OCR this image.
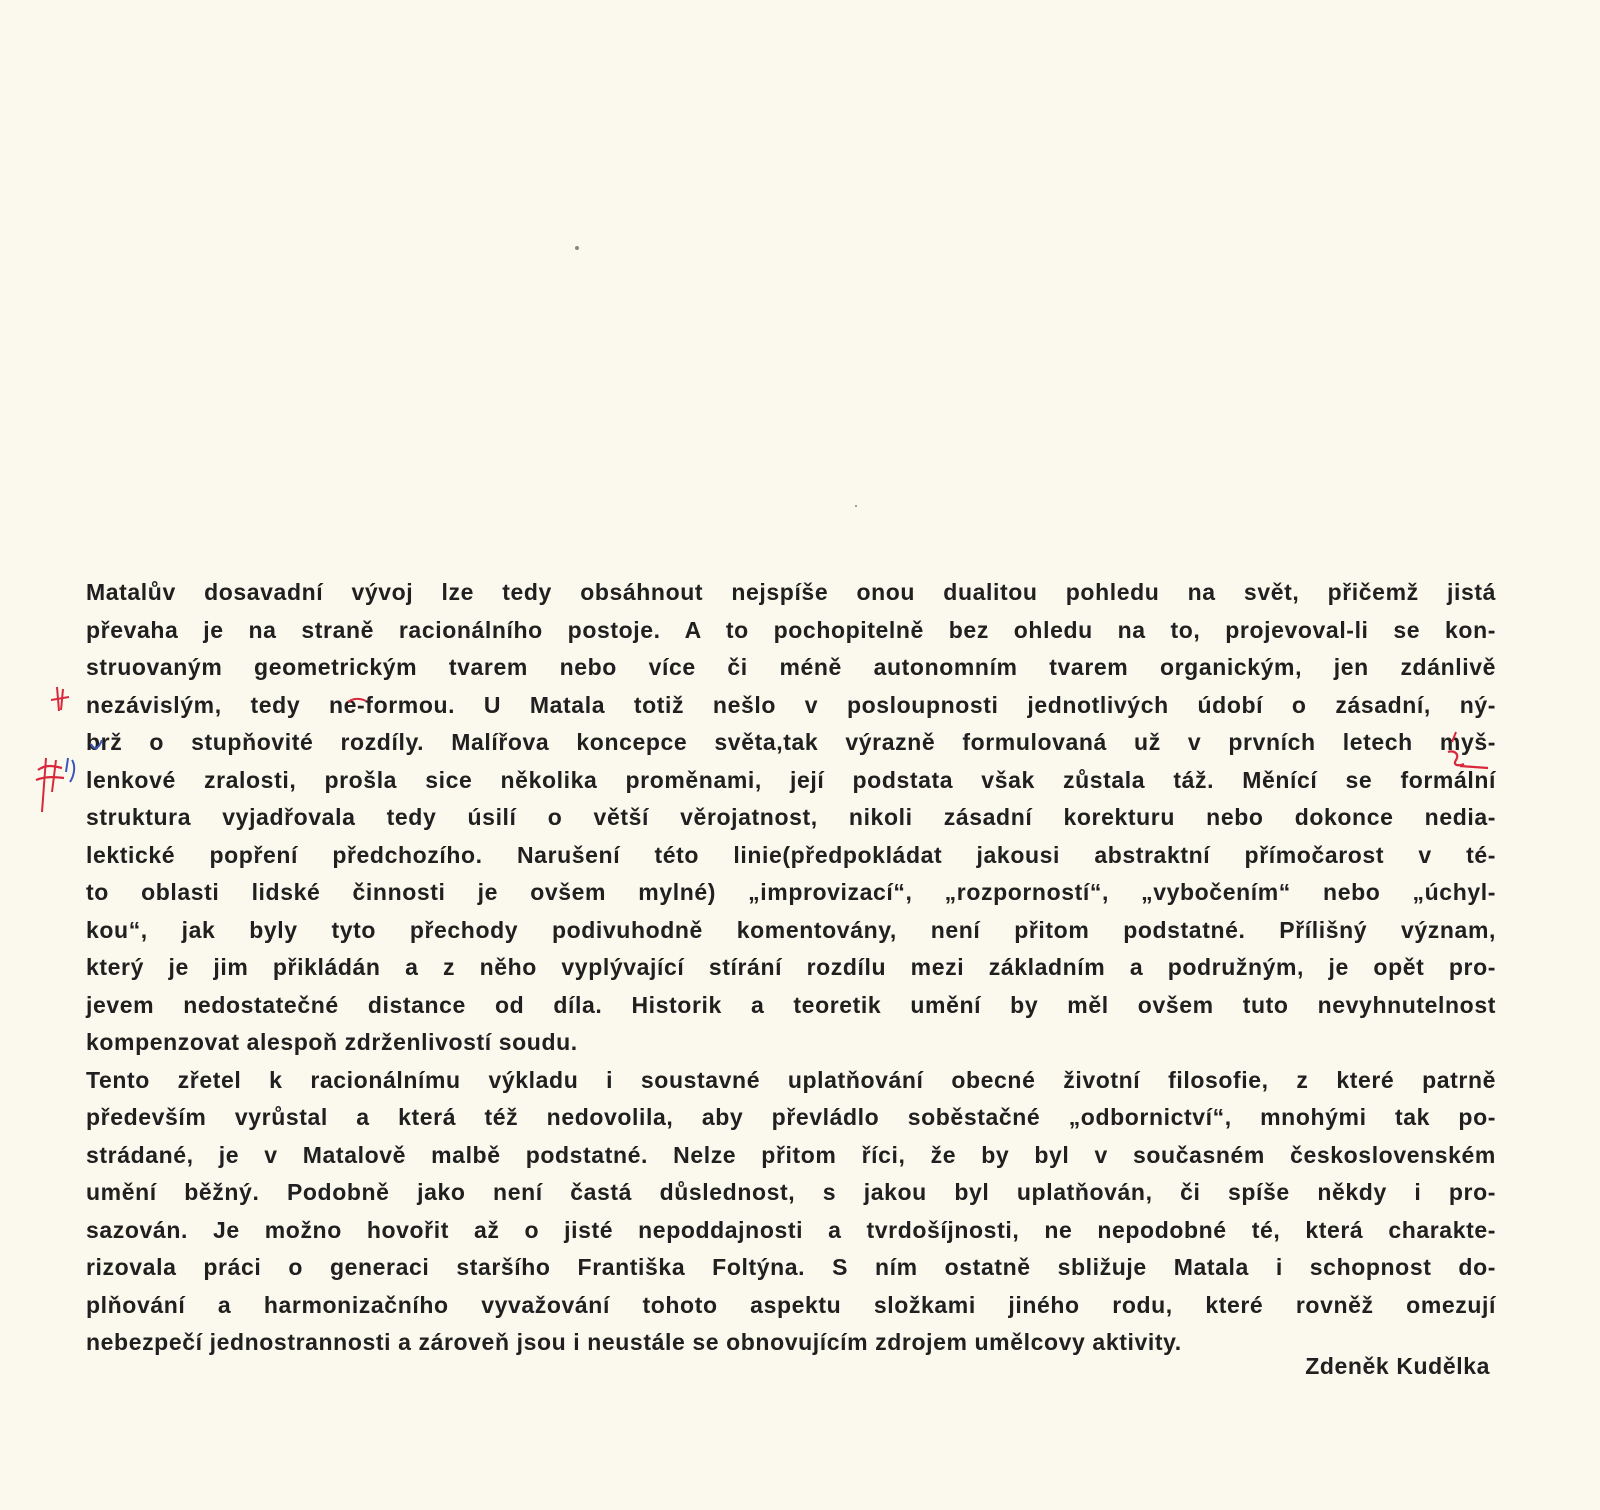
Matalův dosavadní vývoj lze tedy obsáhnout nejspíše onou dualitou pohledu na svět, přičemž jistá
převaha je na straně racionálního postoje. A to pochopitelně bez ohledu na to, projevoval-li se kon-
struovaným geometrickým tvarem nebo více či méně autonomním tvarem organickým, jen zdánlivě
nezávislým, tedy ne-formou. U Matala totiž nešlo v posloupnosti jednotlivých údobí o zásadní, ný-
brž o stupňovité rozdíly. Malířova koncepce světa,tak výrazně formulovaná už v prvních letech myš-
lenkové zralosti, prošla sice několika proměnami, její podstata však zůstala táž. Měnící se formální
struktura vyjadřovala tedy úsilí o větší věrojatnost, nikoli zásadní korekturu nebo dokonce nedia-
lektické popření předchozího. Narušení této linie(předpokládat jakousi abstraktní přímočarost v té-
to oblasti lidské činnosti je ovšem mylné) „improvizací“, „rozporností“, „vybočením“ nebo „úchyl-
kou“, jak byly tyto přechody podivuhodně komentovány, není přitom podstatné. Přílišný význam,
který je jim přikládán a z něho vyplývající stírání rozdílu mezi základním a podružným, je opět pro-
jevem nedostatečné distance od díla. Historik a teoretik umění by měl ovšem tuto nevyhnutelnost
kompenzovat alespoň zdrženlivostí soudu.
Tento zřetel k racionálnímu výkladu i soustavné uplatňování obecné životní filosofie, z které patrně
především vyrůstal a která též nedovolila, aby převládlo soběstačné „odbornictví“, mnohými tak po-
strádané, je v Matalově malbě podstatné. Nelze přitom říci, že by byl v současném československém
umění běžný. Podobně jako není častá důslednost, s jakou byl uplatňován, či spíše někdy i pro-
sazován. Je možno hovořit až o jisté nepoddajnosti a tvrdošíjnosti, ne nepodobné té, která charakte-
rizovala práci o generaci staršího Františka Foltýna. S ním ostatně sbližuje Matala i schopnost do-
plňování a harmonizačního vyvažování tohoto aspektu složkami jiného rodu, které rovněž omezují
nebezpečí jednostrannosti a zároveň jsou i neustále se obnovujícím zdrojem umělcovy aktivity.
Zdeněk Kudělka
